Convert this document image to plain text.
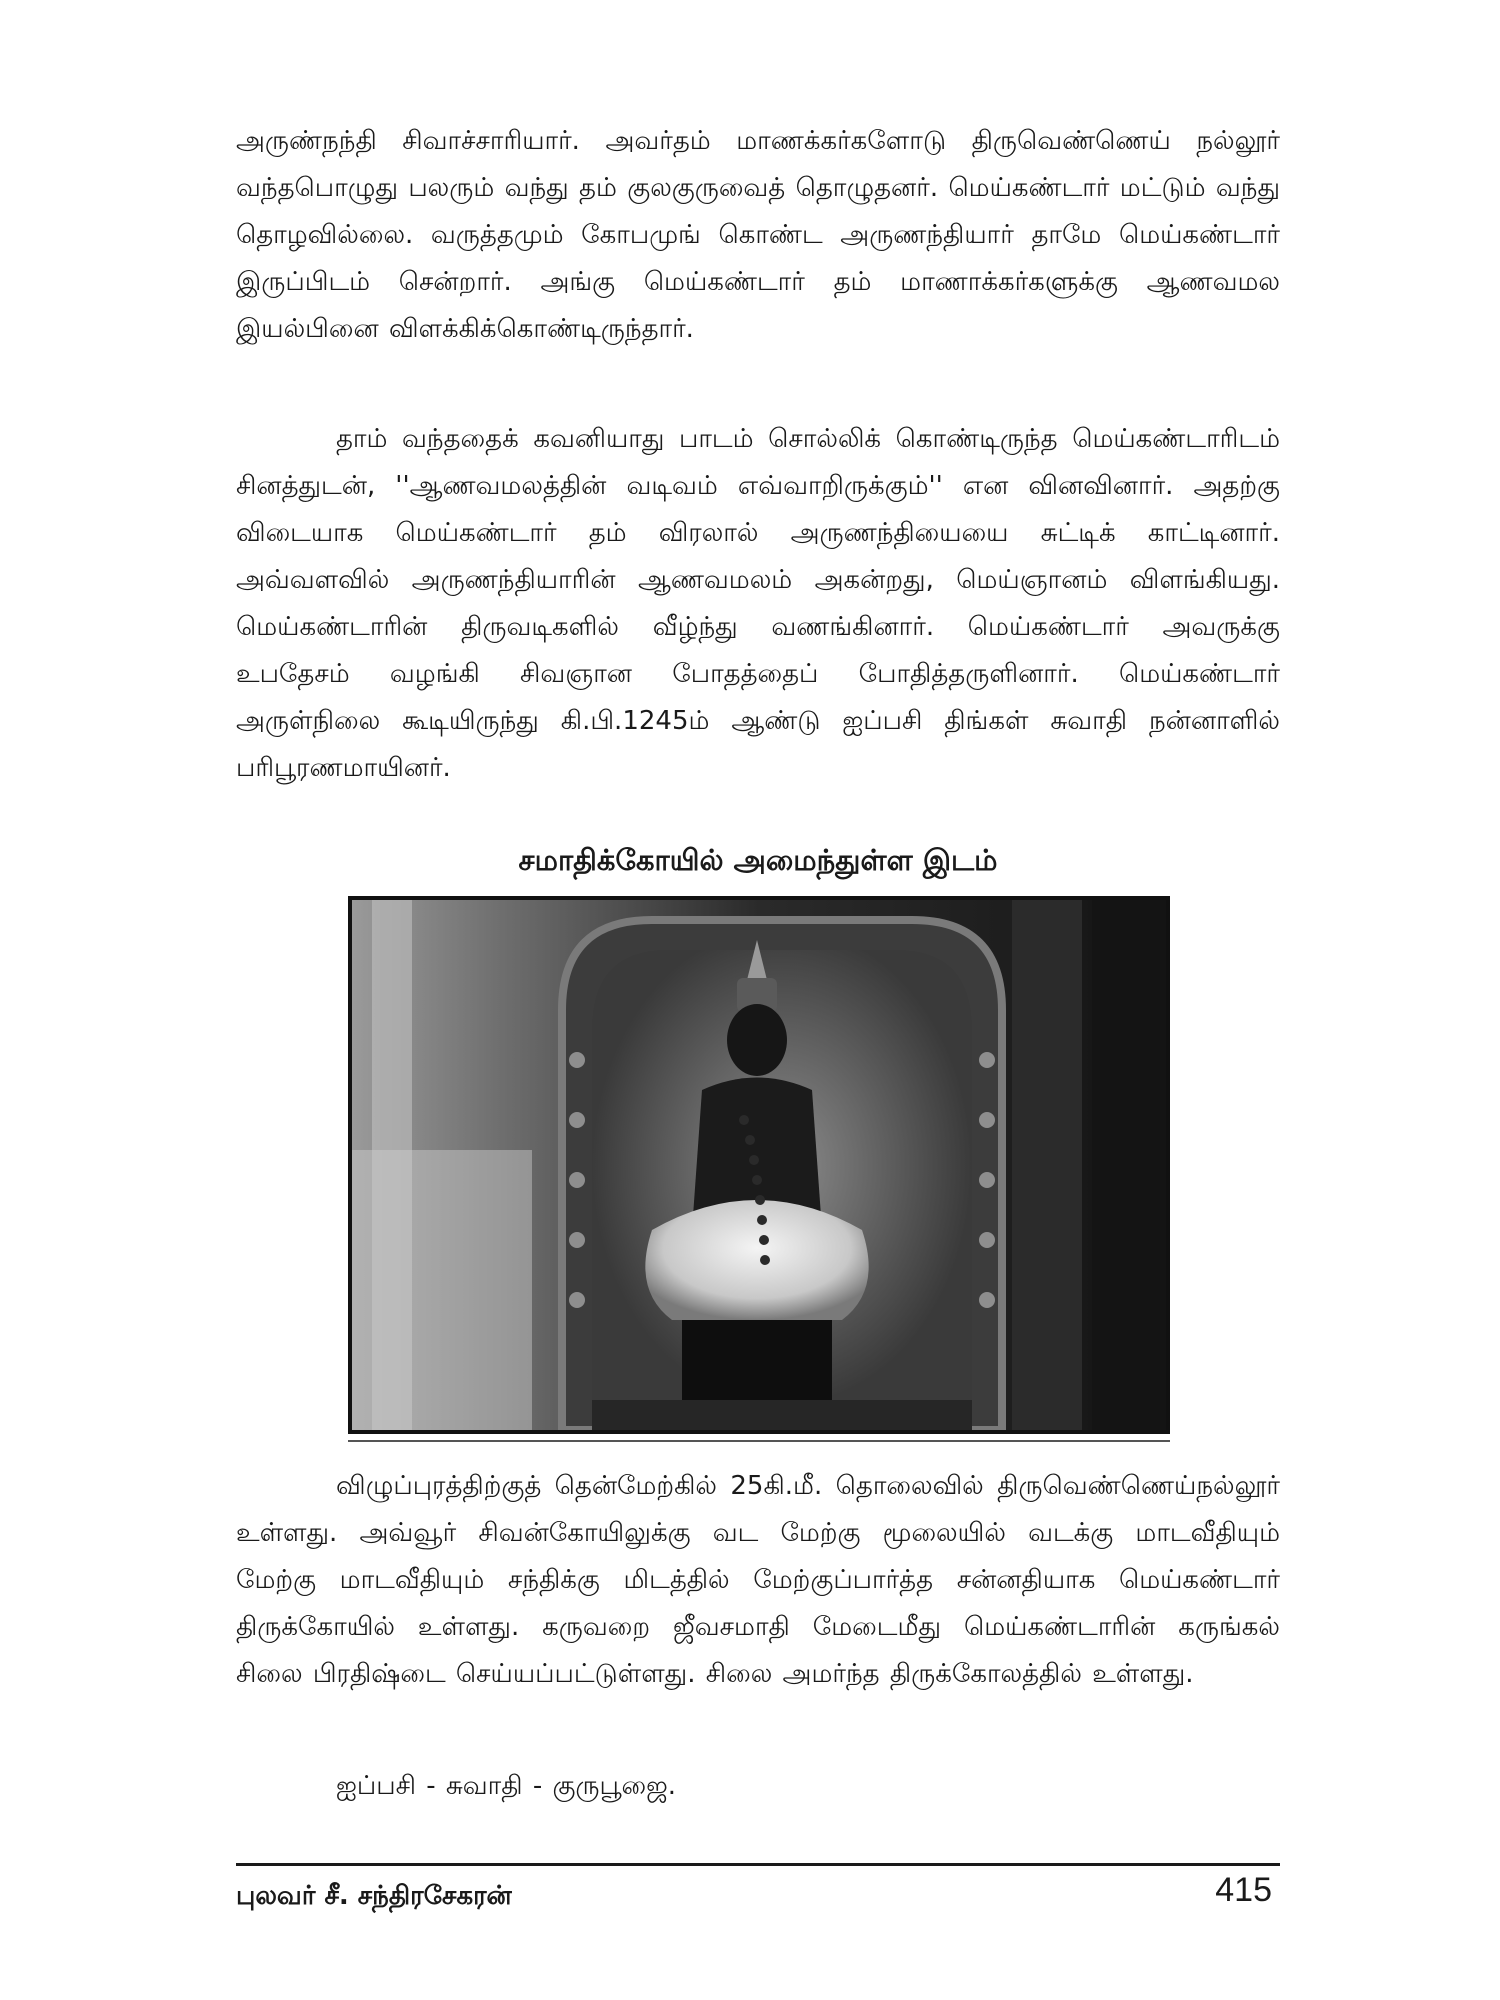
அருண்நந்தி சிவாச்சாரியார். அவர்தம் மாணக்கர்களோடு திருவெண்ணெய் நல்லூர் வந்தபொழுது பலரும் வந்து தம் குலகுருவைத் தொழுதனர். மெய்கண்டார் மட்டும் வந்து தொழவில்லை. வருத்தமும் கோபமுங் கொண்ட அருணந்தியார் தாமே மெய்கண்டார் இருப்பிடம் சென்றார். அங்கு மெய்கண்டார் தம் மாணாக்கர்களுக்கு ஆணவமல இயல்பினை விளக்கிக்கொண்டிருந்தார்.

தாம் வந்ததைக் கவனியாது பாடம் சொல்லிக் கொண்டிருந்த மெய்கண்டாரிடம் சினத்துடன், ''ஆணவமலத்தின் வடிவம் எவ்வாறிருக்கும்'' என வினவினார். அதற்கு விடையாக மெய்கண்டார் தம் விரலால் அருணந்தியையை சுட்டிக் காட்டினார். அவ்வளவில் அருணந்தியாரின் ஆணவமலம் அகன்றது, மெய்ஞானம் விளங்கியது. மெய்கண்டாரின் திருவடிகளில் வீழ்ந்து வணங்கினார். மெய்கண்டார் அவருக்கு உபதேசம் வழங்கி சிவஞான போதத்தைப் போதித்தருளினார். மெய்கண்டார் அருள்நிலை கூடியிருந்து கி.பி.1245ம் ஆண்டு ஐப்பசி திங்கள் சுவாதி நன்னாளில் பரிபூரணமாயினர்.

சமாதிக்கோயில் அமைந்துள்ள இடம்

விழுப்புரத்திற்குத் தென்மேற்கில் 25கி.மீ. தொலைவில் திருவெண்ணெய்நல்லூர் உள்ளது. அவ்வூர் சிவன்கோயிலுக்கு வட மேற்கு மூலையில் வடக்கு மாடவீதியும் மேற்கு மாடவீதியும் சந்திக்கு மிடத்தில் மேற்குப்பார்த்த சன்னதியாக மெய்கண்டார் திருக்கோயில் உள்ளது. கருவறை ஜீவசமாதி மேடைமீது மெய்கண்டாரின் கருங்கல் சிலை பிரதிஷ்டை செய்யப்பட்டுள்ளது. சிலை அமர்ந்த திருக்கோலத்தில் உள்ளது.

ஐப்பசி - சுவாதி - குருபூஜை.

புலவர் சீ. சந்திரசேகரன்	415
